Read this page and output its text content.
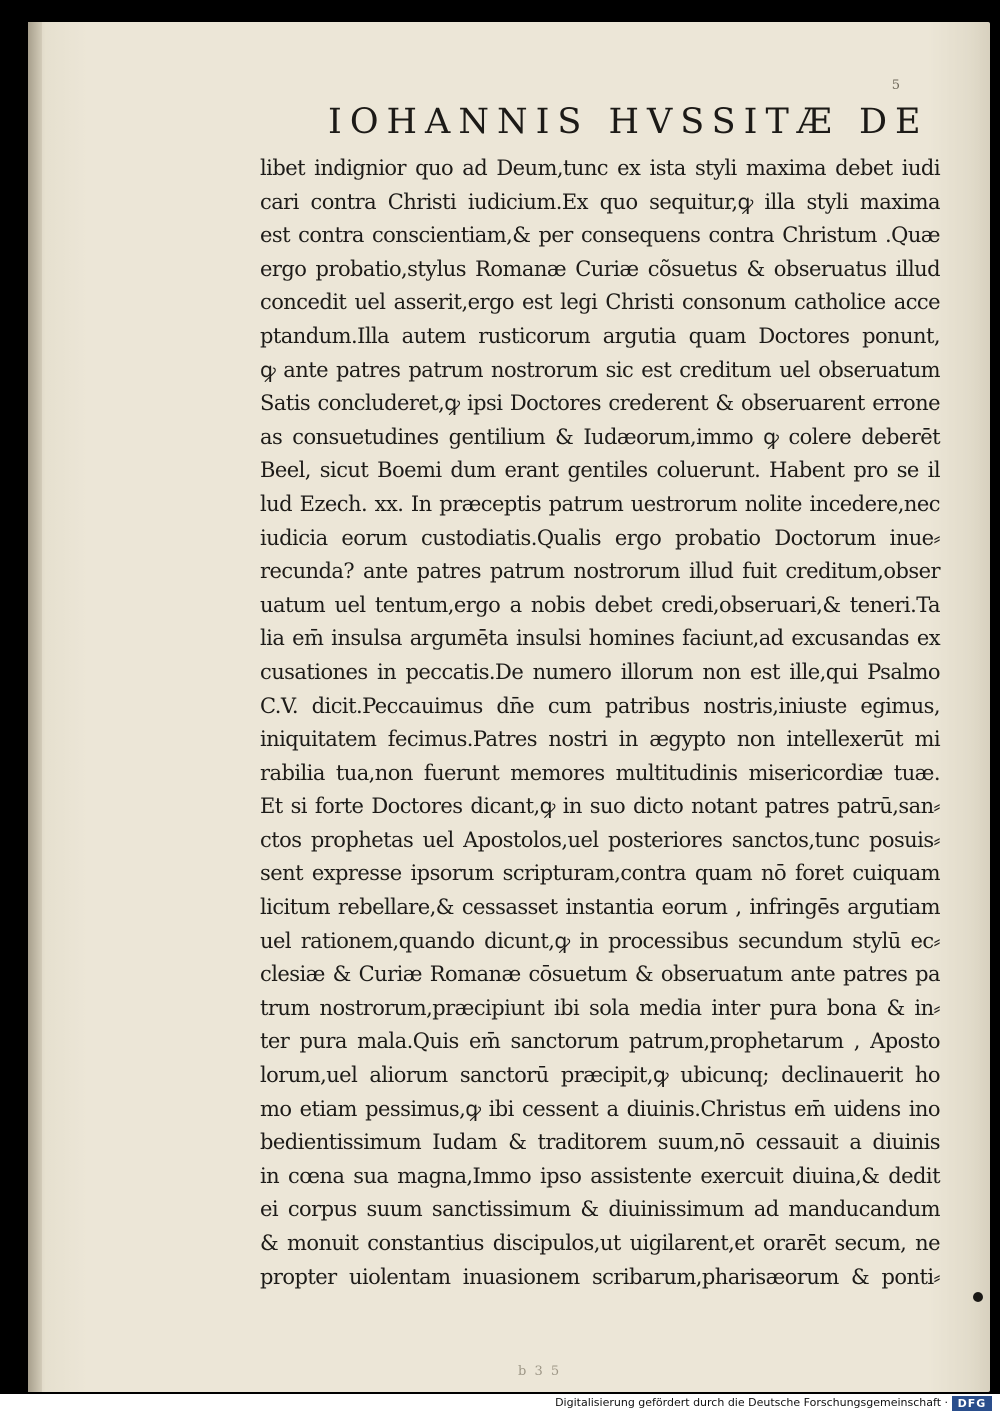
5
IOHANNIS HVSSITÆ DE
libet indignior quo ad Deum,tunc ex ista styli maxima debet iudi
cari contra Christi iudicium.Ex quo sequitur,ꝙ illa styli maxima
est contra conscientiam,& per consequens contra Christum .Quæ
ergo probatio,stylus Romanæ Curiæ cõsuetus & obseruatus illud
concedit uel asserit,ergo est legi Christi consonum catholice acce
ptandum.Illa autem rusticorum argutia quam Doctores ponunt,
ꝙ ante patres patrum nostrorum sic est creditum uel obseruatum
Satis concluderet,ꝙ ipsi Doctores crederent & obseruarent errone
as consuetudines gentilium & Iudæorum,immo ꝙ colere deberēt
Beel, sicut Boemi dum erant gentiles coluerunt. Habent pro se il
lud Ezech. xx. In præceptis patrum uestrorum nolite incedere,nec
iudicia eorum custodiatis.Qualis ergo probatio Doctorum inue⸗
recunda? ante patres patrum nostrorum illud fuit creditum,obser
uatum uel tentum,ergo a nobis debet credi,obseruari,& teneri.Ta
lia em̄ insulsa argumēta insulsi homines faciunt,ad excusandas ex
cusationes in peccatis.De numero illorum non est ille,qui Psalmo
C.V. dicit.Peccauimus dn̄e cum patribus nostris,iniuste egimus,
iniquitatem fecimus.Patres nostri in ægypto non intellexerūt mi
rabilia tua,non fuerunt memores multitudinis misericordiæ tuæ.
Et si forte Doctores dicant,ꝙ in suo dicto notant patres patrū,san⸗
ctos prophetas uel Apostolos,uel posteriores sanctos,tunc posuis⸗
sent expresse ipsorum scripturam,contra quam nō foret cuiquam
licitum rebellare,& cessasset instantia eorum , infringēs argutiam
uel rationem,quando dicunt,ꝙ in processibus secundum stylū ec⸗
clesiæ & Curiæ Romanæ cōsuetum & obseruatum ante patres pa
trum nostrorum,præcipiunt ibi sola media inter pura bona & in⸗
ter pura mala.Quis em̄ sanctorum patrum,prophetarum , Aposto
lorum,uel aliorum sanctorū præcipit,ꝙ ubicunq; declinauerit ho
mo etiam pessimus,ꝙ ibi cessent a diuinis.Christus em̄ uidens ino
bedientissimum Iudam & traditorem suum,nō cessauit a diuinis
in cœna sua magna,Immo ipso assistente exercuit diuina,& dedit
ei corpus suum sanctissimum & diuinissimum ad manducandum
& monuit constantius discipulos,ut uigilarent,et orarēt secum, ne
propter uiolentam inuasionem scribarum,pharisæorum & ponti⸗
b 3 5
Digitalisierung gefördert durch die Deutsche Forschungsgemeinschaft · DFG
